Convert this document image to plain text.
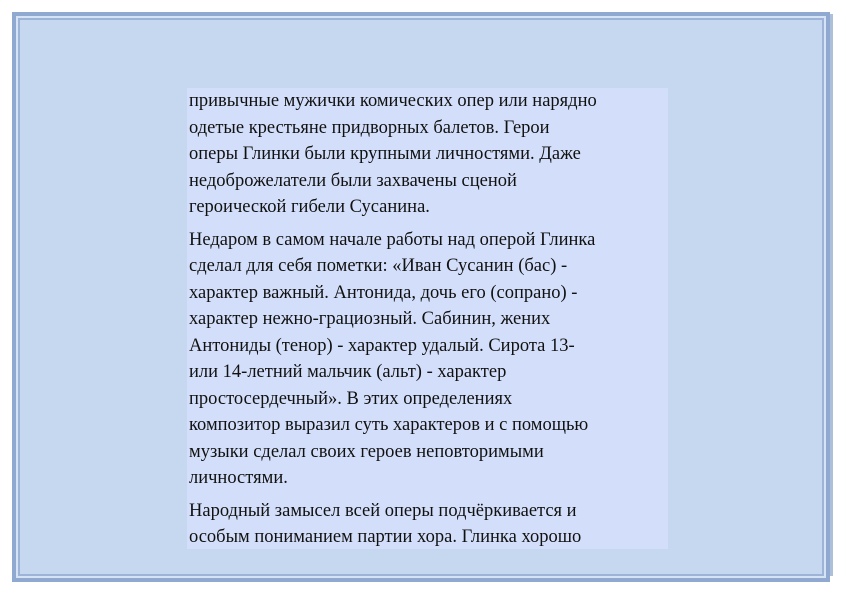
привычные мужички комических опер или нарядно
одетые крестьяне придворных балетов. Герои
оперы Глинки были крупными личностями. Даже
недоброжелатели были захвачены сценой
героической гибели Сусанина.

Недаром в самом начале работы над оперой Глинка
сделал для себя пометки: «Иван Сусанин (бас) -
характер важный. Антонида, дочь его (сопрано) -
характер нежно-грациозный. Сабинин, жених
Антониды (тенор) - характер удалый. Сирота 13-
или 14-летний мальчик (альт) - характер
простосердечный». В этих определениях
композитор выразил суть характеров и с помощью
музыки сделал своих героев неповторимыми
личностями.

Народный замысел всей оперы подчёркивается и
особым пониманием партии хора. Глинка хорошо
